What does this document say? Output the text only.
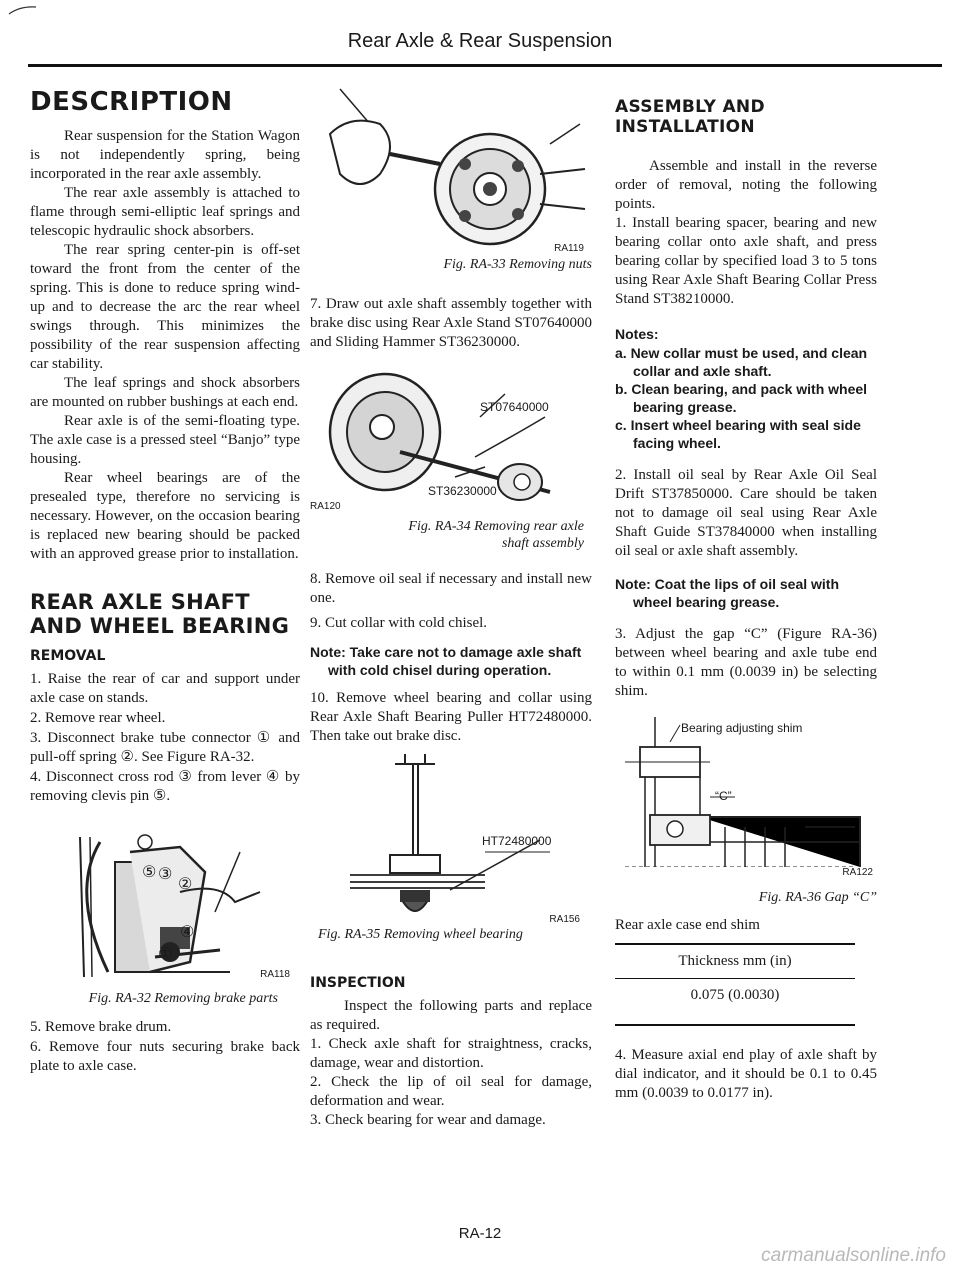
Rear Axle & Rear Suspension
DESCRIPTION

Rear suspension for the Station Wagon is not independently spring, being incorporated in the rear axle assembly.

The rear axle assembly is attached to flame through semi-elliptic leaf springs and telescopic hydraulic shock absorbers.

The rear spring center-pin is off-set toward the front from the center of the spring. This is done to reduce spring wind-up and to decrease the arc the rear wheel swings through. This minimizes the possibility of the rear suspension affecting car stability.

The leaf springs and shock absorbers are mounted on rubber bushings at each end.

Rear axle is of the semi-floating type. The axle case is a pressed steel “Banjo” type housing.

Rear wheel bearings are of the presealed type, therefore no servicing is necessary. However, on the occasion bearing is replaced new bearing should be packed with an approved grease prior to installation.

REAR AXLE SHAFT AND WHEEL BEARING
REMOVAL

1. Raise the rear of car and support under axle case on stands.

2. Remove rear wheel.

3. Disconnect brake tube connector ① and pull-off spring ②. See Figure RA-32.

4. Disconnect cross rod ③ from lever ④ by removing clevis pin ⑤.

⑤ ③
②
④
①
RA118

Fig. RA-32 Removing brake parts

5. Remove brake drum.

6. Remove four nuts securing brake back plate to axle case.

RA119

Fig. RA-33 Removing nuts

7. Draw out axle shaft assembly together with brake disc using Rear Axle Stand ST07640000 and Sliding Hammer ST36230000.

ST07640000
ST36230000
RA120

Fig. RA-34 Removing rear axle

shaft assembly

8. Remove oil seal if necessary and install new one.

9. Cut collar with cold chisel.

Note: Take care not to damage axle shaft with cold chisel during operation.

10. Remove wheel bearing and collar using Rear Axle Shaft Bearing Puller HT72480000. Then take out brake disc.

HT72480000
RA156

Fig. RA-35 Removing wheel bearing

INSPECTION

Inspect the following parts and replace as required.

1. Check axle shaft for straightness, cracks, damage, wear and distortion.

2. Check the lip of oil seal for damage, deformation and wear.

3. Check bearing for wear and damage.

ASSEMBLY AND INSTALLATION

Assemble and install in the reverse order of removal, noting the following points.

1. Install bearing spacer, bearing and new bearing collar onto axle shaft, and press bearing collar by specified load 3 to 5 tons using Rear Axle Shaft Bearing Collar Press Stand ST38210000.

Notes:

a. New collar must be used, and clean collar and axle shaft.

b. Clean bearing, and pack with wheel bearing grease.

c. Insert wheel bearing with seal side facing wheel.

2. Install oil seal by Rear Axle Oil Seal Drift ST37850000. Care should be taken not to damage oil seal using Rear Axle Shaft Guide ST37840000 when installing oil seal or axle shaft assembly.

Note: Coat the lips of oil seal with wheel bearing grease.

3. Adjust the gap “C” (Figure RA-36) between wheel bearing and axle tube end to within 0.1 mm (0.0039 in) be selecting shim.

Bearing adjusting shim
“C”
RA122

Fig. RA-36 Gap “C”

Rear axle case end shim

Thickness mm (in)
0.075 (0.0030)

4. Measure axial end play of axle shaft by dial indicator, and it should be 0.1 to 0.45 mm (0.0039 to 0.0177 in).

RA-12
carmanualsonline.info
